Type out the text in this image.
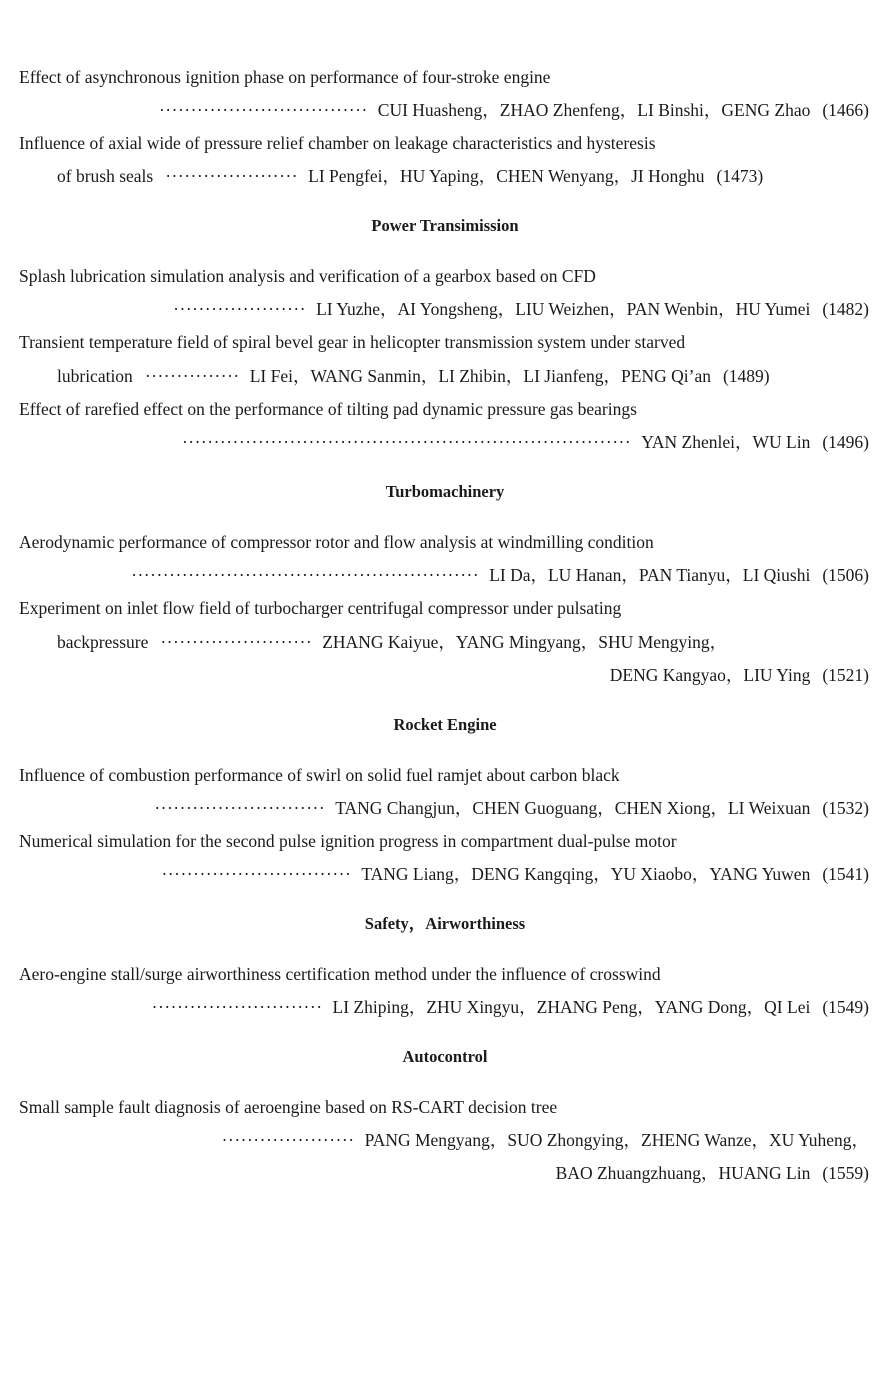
Effect of asynchronous ignition phase on performance of four-stroke engine
································· CUI Huasheng，ZHAO Zhenfeng，LI Binshi，GENG Zhao (1466)
Influence of axial wide of pressure relief chamber on leakage characteristics and hysteresis
of brush seals ····················· LI Pengfei，HU Yaping，CHEN Wenyang，JI Honghu (1473)
Power Transimission
Splash lubrication simulation analysis and verification of a gearbox based on CFD
····················· LI Yuzhe，AI Yongsheng，LIU Weizhen，PAN Wenbin，HU Yumei (1482)
Transient temperature field of spiral bevel gear in helicopter transmission system under starved
lubrication ··············· LI Fei，WANG Sanmin，LI Zhibin，LI Jianfeng，PENG Qi’an (1489)
Effect of rarefied effect on the performance of tilting pad dynamic pressure gas bearings
······································································· YAN Zhenlei，WU Lin (1496)
Turbomachinery
Aerodynamic performance of compressor rotor and flow analysis at windmilling condition
······················································· LI Da，LU Hanan，PAN Tianyu，LI Qiushi (1506)
Experiment on inlet flow field of turbocharger centrifugal compressor under pulsating
backpressure ························ ZHANG Kaiyue，YANG Mingyang，SHU Mengying，
DENG Kangyao，LIU Ying (1521)
Rocket Engine
Influence of combustion performance of swirl on solid fuel ramjet about carbon black
··························· TANG Changjun，CHEN Guoguang，CHEN Xiong，LI Weixuan (1532)
Numerical simulation for the second pulse ignition progress in compartment dual-pulse motor
······························ TANG Liang，DENG Kangqing，YU Xiaobo，YANG Yuwen (1541)
Safety，Airworthiness
Aero-engine stall/surge airworthiness certification method under the influence of crosswind
··························· LI Zhiping，ZHU Xingyu，ZHANG Peng，YANG Dong，QI Lei (1549)
Autocontrol
Small sample fault diagnosis of aeroengine based on RS-CART decision tree
····················· PANG Mengyang，SUO Zhongying，ZHENG Wanze，XU Yuheng，
BAO Zhuangzhuang，HUANG Lin (1559)
